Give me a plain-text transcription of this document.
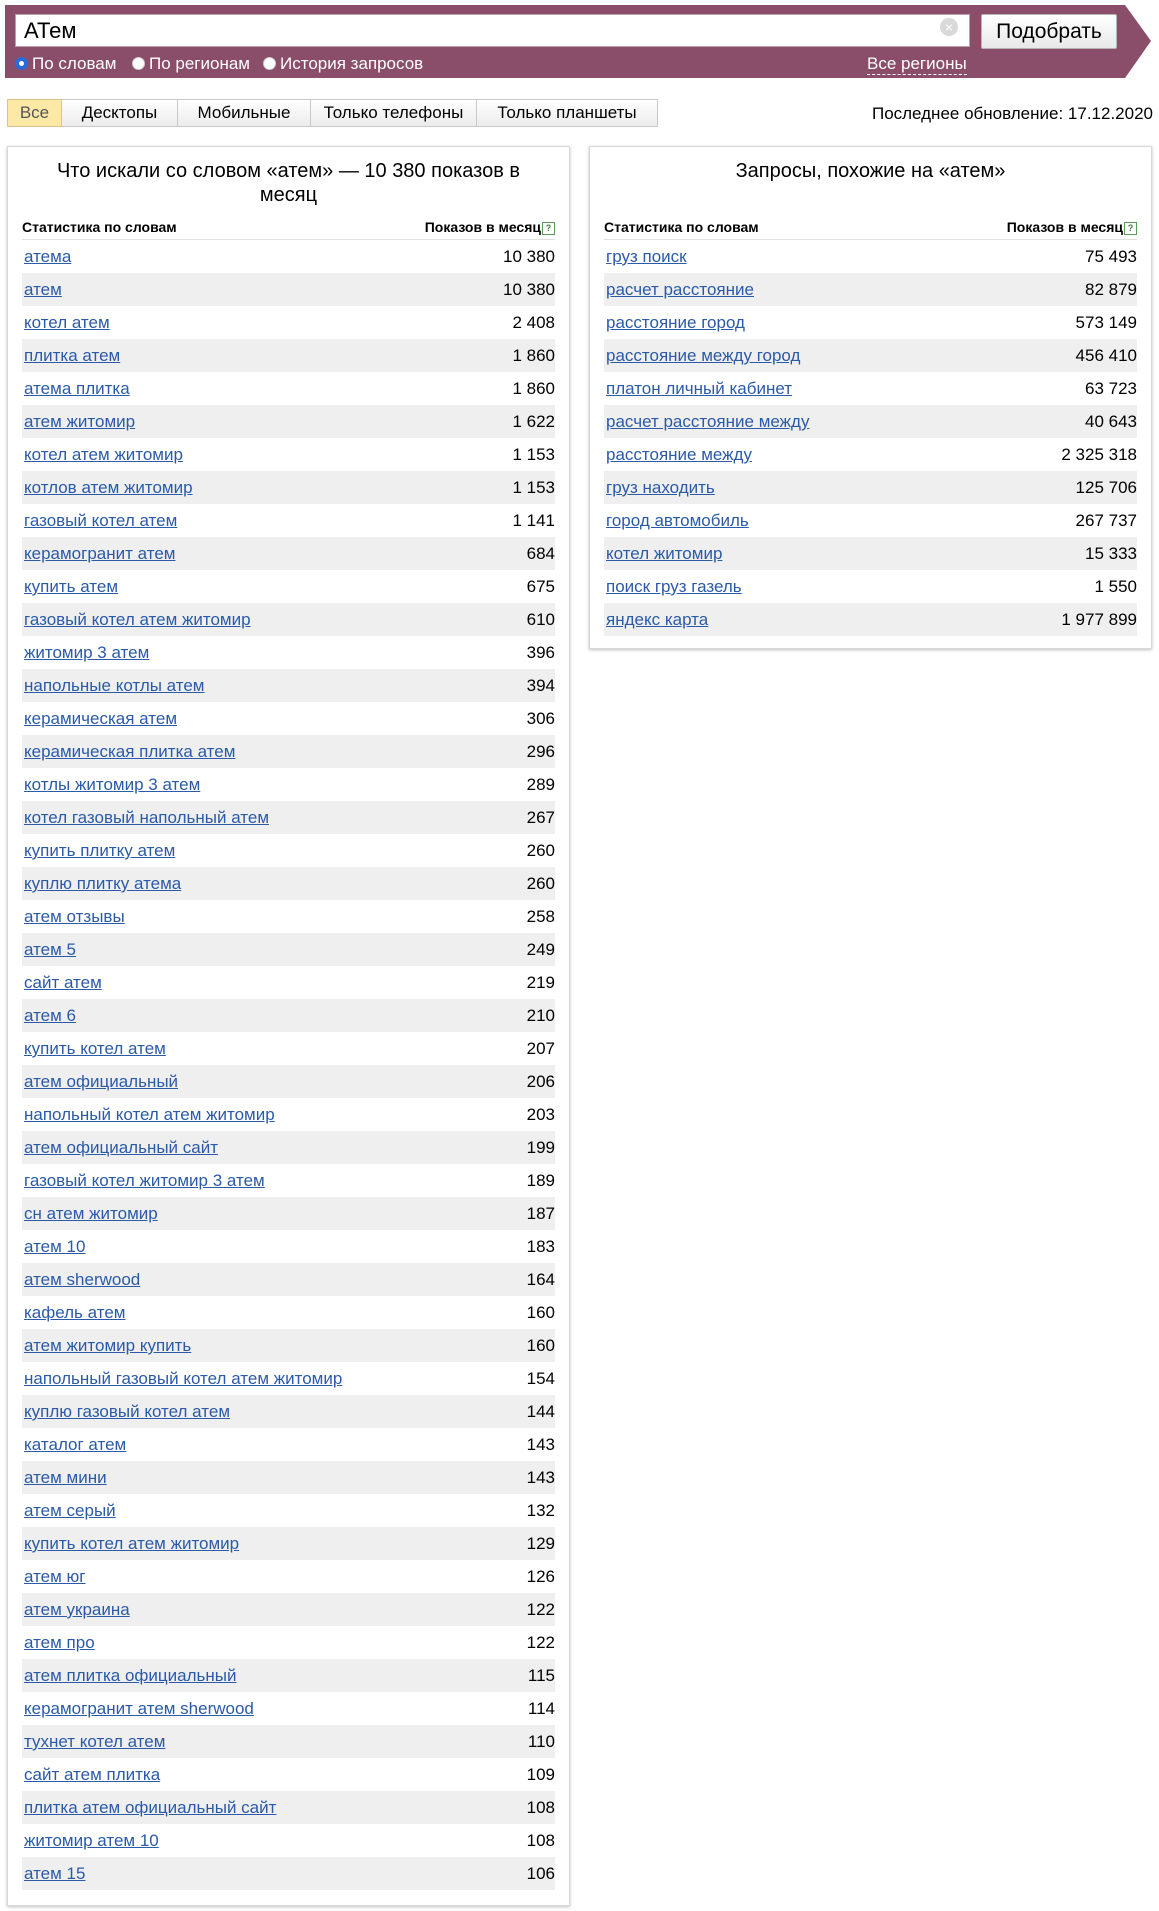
АТем	×	Подобрать
По словам	По регионам	История запросов	Все регионы
Все	Десктопы	Мобильные	Только телефоны	Только планшеты	Последнее обновление: 17.12.2020
Что искали со словом «атем» — 10 380 показов в месяц
Статистика по словам	Показов в месяц ?
атема	10 380
атем	10 380
котел атем	2 408
плитка атем	1 860
атема плитка	1 860
атем житомир	1 622
котел атем житомир	1 153
котлов атем житомир	1 153
газовый котел атем	1 141
керамогранит атем	684
купить атем	675
газовый котел атем житомир	610
житомир 3 атем	396
напольные котлы атем	394
керамическая атем	306
керамическая плитка атем	296
котлы житомир 3 атем	289
котел газовый напольный атем	267
купить плитку атем	260
куплю плитку атема	260
атем отзывы	258
атем 5	249
сайт атем	219
атем 6	210
купить котел атем	207
атем официальный	206
напольный котел атем житомир	203
атем официальный сайт	199
газовый котел житомир 3 атем	189
сн атем житомир	187
атем 10	183
атем sherwood	164
кафель атем	160
атем житомир купить	160
напольный газовый котел атем житомир	154
куплю газовый котел атем	144
каталог атем	143
атем мини	143
атем серый	132
купить котел атем житомир	129
атем юг	126
атем украина	122
атем про	122
атем плитка официальный	115
керамогранит атем sherwood	114
тухнет котел атем	110
сайт атем плитка	109
плитка атем официальный сайт	108
житомир атем 10	108
атем 15	106
Запросы, похожие на «атем»
Статистика по словам	Показов в месяц ?
груз поиск	75 493
расчет расстояние	82 879
расстояние город	573 149
расстояние между город	456 410
платон личный кабинет	63 723
расчет расстояние между	40 643
расстояние между	2 325 318
груз находить	125 706
город автомобиль	267 737
котел житомир	15 333
поиск груз газель	1 550
яндекс карта	1 977 899
